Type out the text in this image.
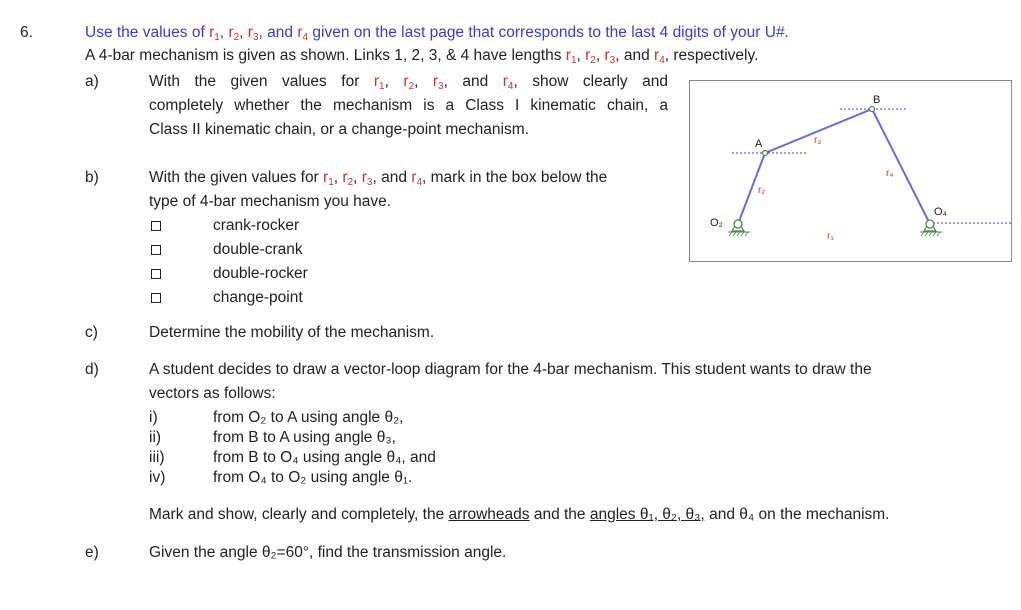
6.	Use the values of $r_1$, $r_2$, $r_3$, and $r_4$ given on the last page that corresponds to the last 4 digits of your U#.
A 4-bar mechanism is given as shown. Links 1, 2, 3, & 4 have lengths $r_1$, $r_2$, $r_3$, and $r_4$, respectively.
a)	With the given values for $r_1$, $r_2$, $r_3$, and $r_4$, show clearly and
completely whether the mechanism is a Class I kinematic chain, a
Class II kinematic chain, or a change-point mechanism.
b)	With the given values for $r_1$, $r_2$, $r_3$, and $r_4$, mark in the box below the
type of 4-bar mechanism you have.
crank-rocker
double-crank
double-rocker
change-point
c)	Determine the mobility of the mechanism.
d)	A student decides to draw a vector-loop diagram for the 4-bar mechanism. This student wants to draw the
vectors as follows:
i)	from O₂ to A using angle θ₂,
ii)	from B to A using angle θ₃,
iii)	from B to O₄ using angle θ₄, and
iv)	from O₄ to O₂ using angle θ₁.
Mark and show, clearly and completely, the arrowheads and the angles θ₁, θ₂, θ₃, and θ₄ on the mechanism.
e)	Given the angle θ₂=60°, find the transmission angle.
A
B
O₂
O₄
r₁
r₂
r₃
r₄
